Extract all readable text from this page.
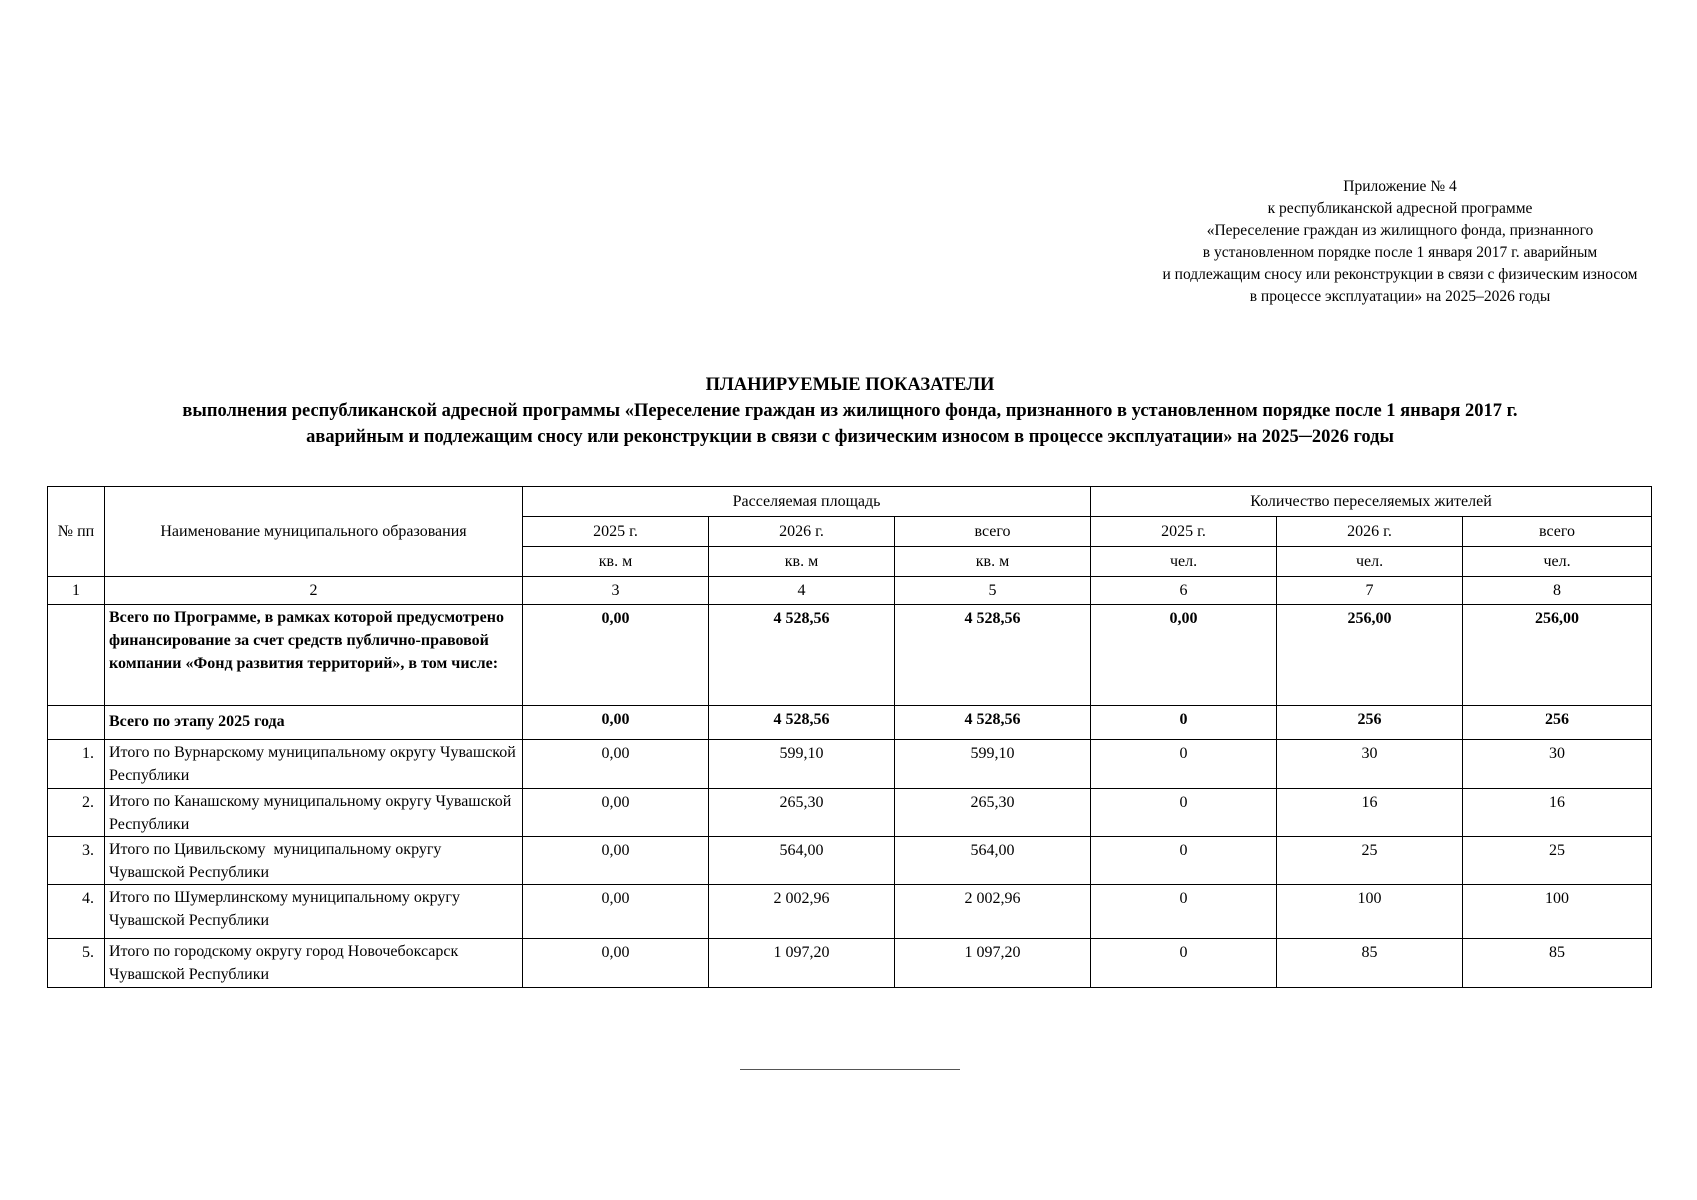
Приложение № 4
к республиканской адресной программе
«Переселение граждан из жилищного фонда, признанного
в установленном порядке после 1 января 2017 г. аварийным
и подлежащим сносу или реконструкции в связи с физическим износом
в процессе эксплуатации» на 2025–2026 годы
ПЛАНИРУЕМЫЕ ПОКАЗАТЕЛИ
выполнения республиканской адресной программы «Переселение граждан из жилищного фонда, признанного в установленном порядке после 1 января 2017 г.
аварийным и подлежащим сносу или реконструкции в связи с физическим износом в процессе эксплуатации» на 2025─2026 годы
№ пп	Наименование муниципального образования	Расселяемая площадь			Количество переселяемых жителей		
		2025 г.	2026 г.	всего	2025 г.	2026 г.	всего
		кв. м	кв. м	кв. м	чел.	чел.	чел.
1	2	3	4	5	6	7	8
	Всего по Программе, в рамках которой предусмотрено финансирование за счет средств публично-правовой компании «Фонд развития территорий», в том числе:	0,00	4 528,56	4 528,56	0,00	256,00	256,00
	Всего по этапу 2025 года	0,00	4 528,56	4 528,56	0	256	256
1.	Итого по Вурнарскому муниципальному округу Чувашской Республики	0,00	599,10	599,10	0	30	30
2.	Итого по Канашскому муниципальному округу Чувашской Республики	0,00	265,30	265,30	0	16	16
3.	Итого по Цивильскому  муниципальному округу Чувашской Республики	0,00	564,00	564,00	0	25	25
4.	Итого по Шумерлинскому муниципальному округу Чувашской Республики	0,00	2 002,96	2 002,96	0	100	100
5.	Итого по городскому округу город Новочебоксарск Чувашской Республики	0,00	1 097,20	1 097,20	0	85	85
